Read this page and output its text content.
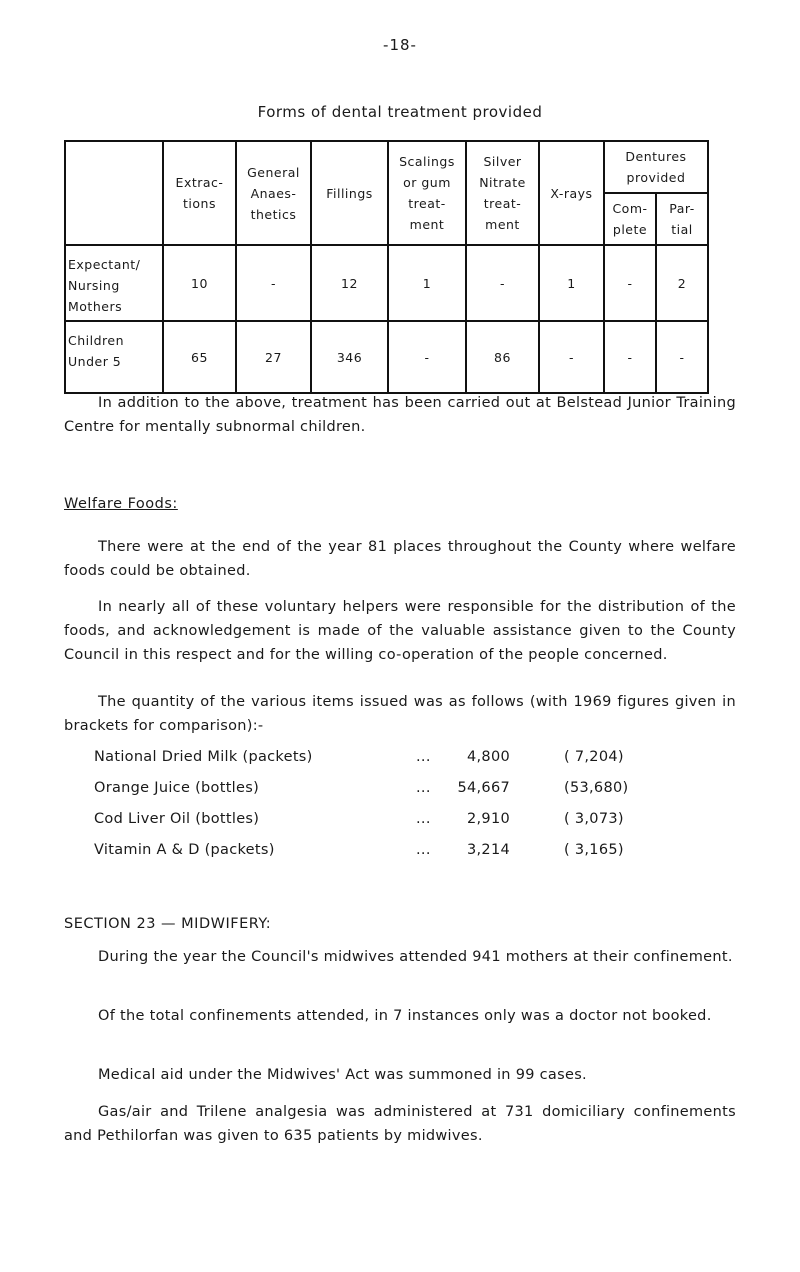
-18-
Forms of dental treatment provided
	Extrac-
tions	General
Anaes-
thetics	Fillings	Scalings
or gum
treat-
ment	Silver
Nitrate
treat-
ment	X-rays	Dentures
provided	
							Com-
plete	Par-
tial
Expectant/
Nursing
Mothers	10	-	12	1	-	1	-	2
Children
Under 5	65	27	346	-	86	-	-	-

In addition to the above, treatment has been carried out at Belstead Junior Training Centre for mentally subnormal children.

Welfare Foods:

There were at the end of the year 81 places throughout the County where welfare foods could be obtained.

In nearly all of these voluntary helpers were responsible for the distribution of the foods, and acknowledgement is made of the valuable assistance given to the County Council in this respect and for the willing co-operation of the people concerned.

The quantity of the various items issued was as follows (with 1969 figures given in brackets for comparison):-

National Dried Milk (packets)	...	4,800	( 7,204)
Orange Juice (bottles)	... 54,667	(53,680)
Cod Liver Oil (bottles)	...	2,910	( 3,073)
Vitamin A & D (packets)	...	3,214	( 3,165)
SECTION 23 — MIDWIFERY:

During the year the Council's midwives attended 941 mothers at their confinement.

Of the total confinements attended, in 7 instances only was a doctor not booked.

Medical aid under the Midwives' Act was summoned in 99 cases.

Gas/air and Trilene analgesia was administered at 731 domiciliary confinements and Pethilorfan was given to 635 patients by midwives.
